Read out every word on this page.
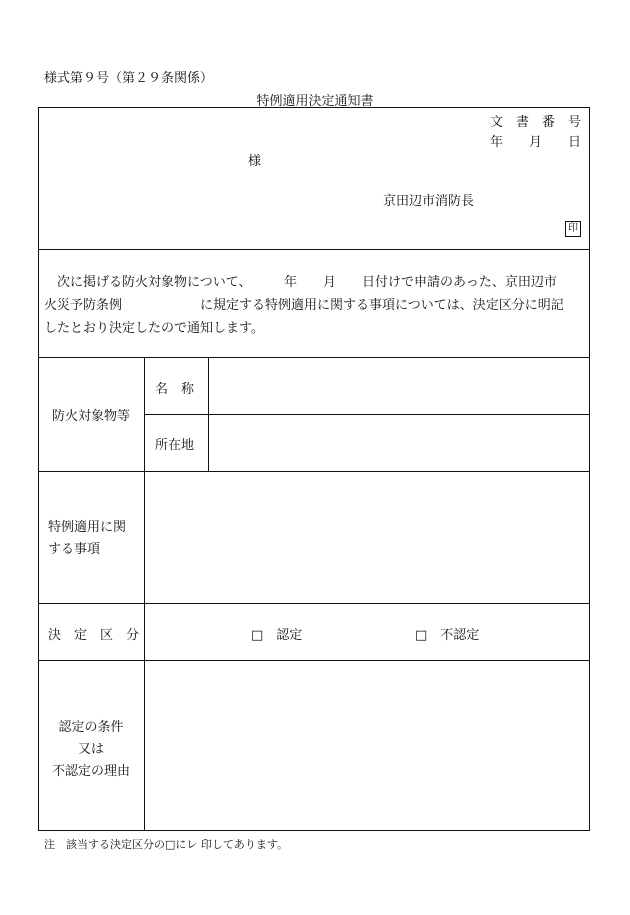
様式第９号（第２９条関係）
特例適用決定通知書
文　書　番　号
年　　月　　日
様
京田辺市消防長
印
　次に掲げる防火対象物について、　　　年　　月　　日付けで申請のあった、京田辺市
火災予防条例　　　　　　に規定する特例適用に関する事項については、決定区分に明記
したとおり決定したので通知します。
防火対象物等
名　称
所在地
特例適用に関する事項
決　定　区　分	□　認定	□　不認定
認定の条件
又は
不認定の理由
注　該当する決定区分の□にレ 印してあります。
